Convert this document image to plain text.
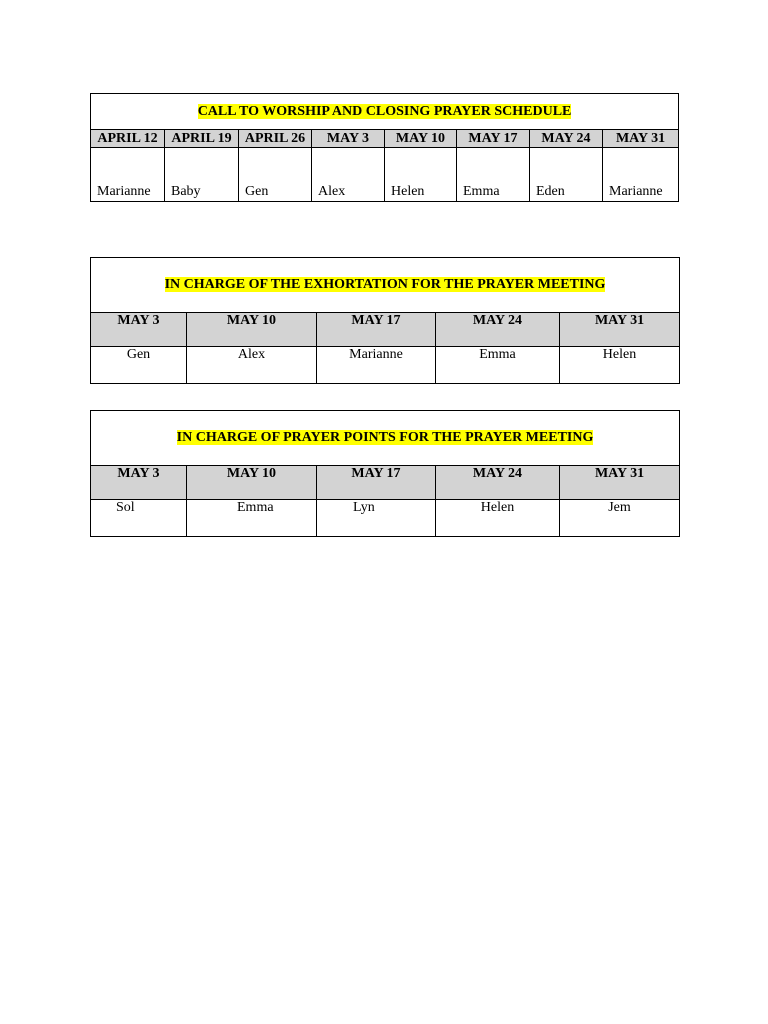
CALL TO WORSHIP AND CLOSING PRAYER SCHEDULE							
APRIL 12	APRIL 19	APRIL 26	MAY 3	MAY 10	MAY 17	MAY 24	MAY 31
Marianne	Baby	Gen	Alex	Helen	Emma	Eden	Marianne
IN CHARGE OF THE EXHORTATION FOR THE PRAYER MEETING				
MAY 3	MAY 10	MAY 17	MAY 24	MAY 31
Gen	Alex	Marianne	Emma	Helen
IN CHARGE OF PRAYER POINTS FOR THE PRAYER MEETING				
MAY 3	MAY 10	MAY 17	MAY 24	MAY 31
Sol	Emma	Lyn	Helen	Jem
